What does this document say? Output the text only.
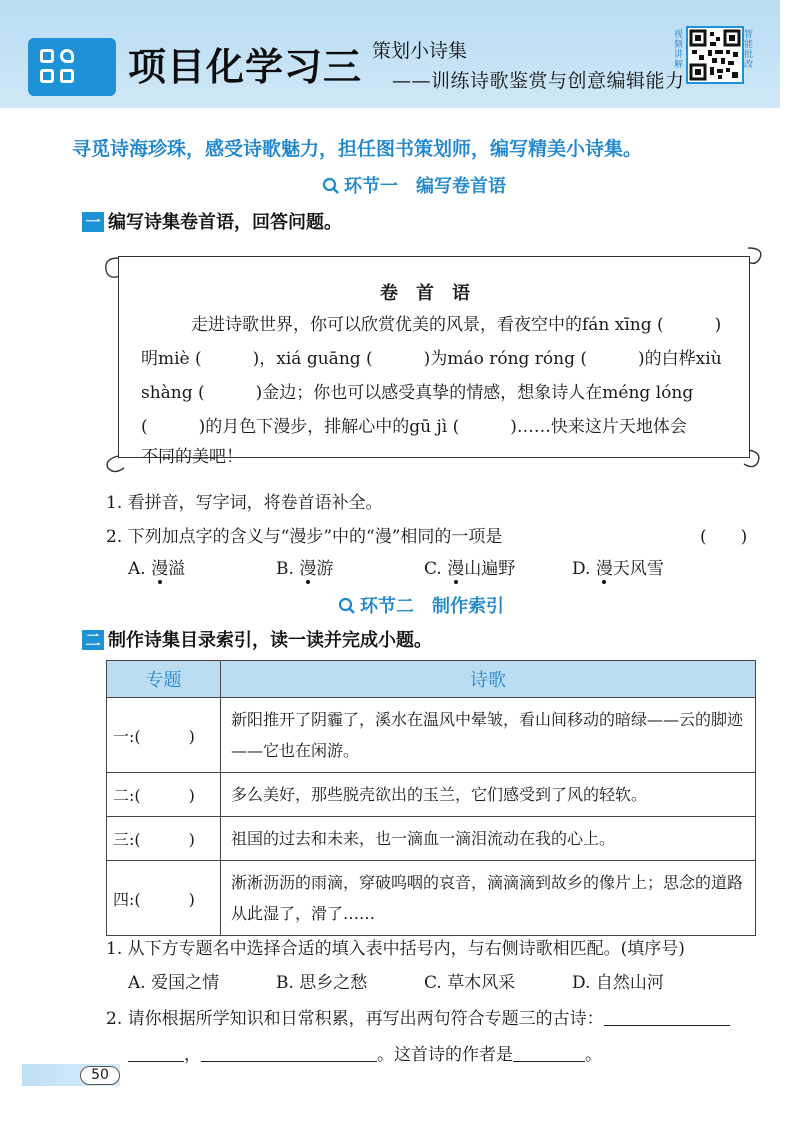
项目化学习三 策划小诗集
——训练诗歌鉴赏与创意编辑能力
视频讲解
智能批改
寻觅诗海珍珠，感受诗歌魅力，担任图书策划师，编写精美小诗集。
环节一　编写卷首语
一 编写诗集卷首语，回答问题。
卷首语
走进诗歌世界，你可以欣赏优美的风景，看夜空中的fán xīng (　　　)
明miè (　　　)，xiá guāng (　　　)为máo róng róng (　　　)的白桦xiù
shàng (　　　)金边；你也可以感受真挚的情感，想象诗人在méng lóng
(　　　)的月色下漫步，排解心中的gū jì (　　　)……快来这片天地体会
不同的美吧！
1. 看拼音，写字词，将卷首语补全。
2. 下列加点字的含义与“漫步”中的“漫”相同的一项是	(　　)
A. 漫溢	B. 漫游	C. 漫山遍野	D. 漫天风雪
环节二　制作索引
二 制作诗集目录索引，读一读并完成小题。
专题	诗歌
一:(　　　)	新阳推开了阴霾了，溪水在温风中晕皱，看山间移动的暗绿——云的脚迹——它也在闲游。
二:(　　　)	多么美好，那些脱壳欲出的玉兰，它们感受到了风的轻软。
三:(　　　)	祖国的过去和未来，也一滴血一滴泪流动在我的心上。
四:(　　　)	淅淅沥沥的雨滴，穿破呜咽的哀音，滴滴滴到故乡的像片上；思念的道路从此湿了，滑了……
1. 从下方专题名中选择合适的填入表中括号内，与右侧诗歌相匹配。(填序号)
A. 爱国之情	B. 思乡之愁	C. 草木风采	D. 自然山河
2. 请你根据所学知识和日常积累，再写出两句符合专题三的古诗：
，	。这首诗的作者是	。
50
